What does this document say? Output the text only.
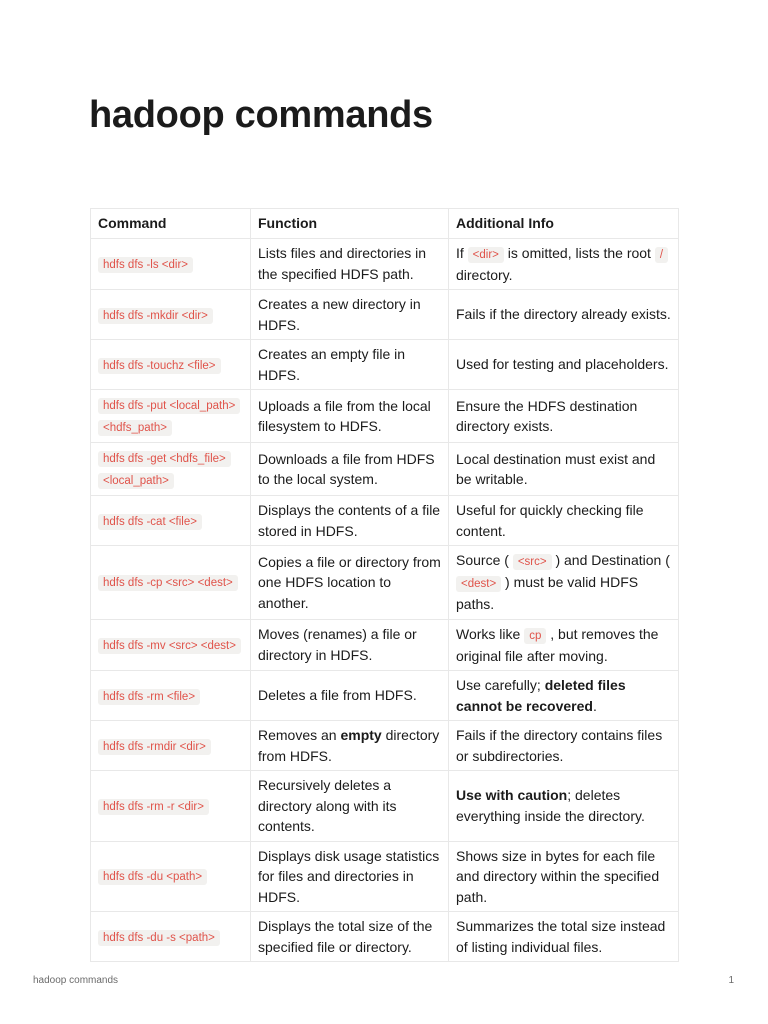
hadoop commands
Command	Function	Additional Info
hdfs dfs -ls <dir>	Lists files and directories in the specified HDFS path.	If <dir> is omitted, lists the root / directory.
hdfs dfs -mkdir <dir>	Creates a new directory in HDFS.	Fails if the directory already exists.
hdfs dfs -touchz <file>	Creates an empty file in HDFS.	Used for testing and placeholders.
hdfs dfs -put <local_path> <hdfs_path>	Uploads a file from the local filesystem to HDFS.	Ensure the HDFS destination directory exists.
hdfs dfs -get <hdfs_file> <local_path>	Downloads a file from HDFS to the local system.	Local destination must exist and be writable.
hdfs dfs -cat <file>	Displays the contents of a file stored in HDFS.	Useful for quickly checking file content.
hdfs dfs -cp <src> <dest>	Copies a file or directory from one HDFS location to another.	Source ( <src> ) and Destination ( <dest> ) must be valid HDFS paths.
hdfs dfs -mv <src> <dest>	Moves (renames) a file or directory in HDFS.	Works like cp , but removes the original file after moving.
hdfs dfs -rm <file>	Deletes a file from HDFS.	Use carefully; deleted files cannot be recovered.
hdfs dfs -rmdir <dir>	Removes an empty directory from HDFS.	Fails if the directory contains files or subdirectories.
hdfs dfs -rm -r <dir>	Recursively deletes a directory along with its contents.	Use with caution; deletes everything inside the directory.
hdfs dfs -du <path>	Displays disk usage statistics for files and directories in HDFS.	Shows size in bytes for each file and directory within the specified path.
hdfs dfs -du -s <path>	Displays the total size of the specified file or directory.	Summarizes the total size instead of listing individual files.
hadoop commands	1
